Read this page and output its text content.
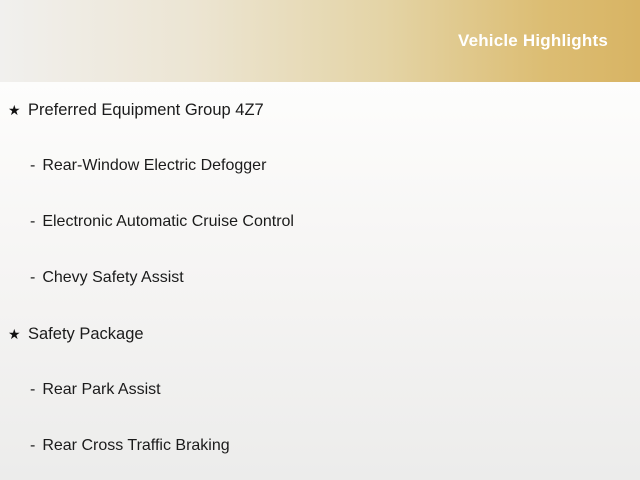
Vehicle Highlights
★ Preferred Equipment Group 4Z7
- Rear-Window Electric Defogger
- Electronic Automatic Cruise Control
- Chevy Safety Assist
★ Safety Package
- Rear Park Assist
- Rear Cross Traffic Braking
